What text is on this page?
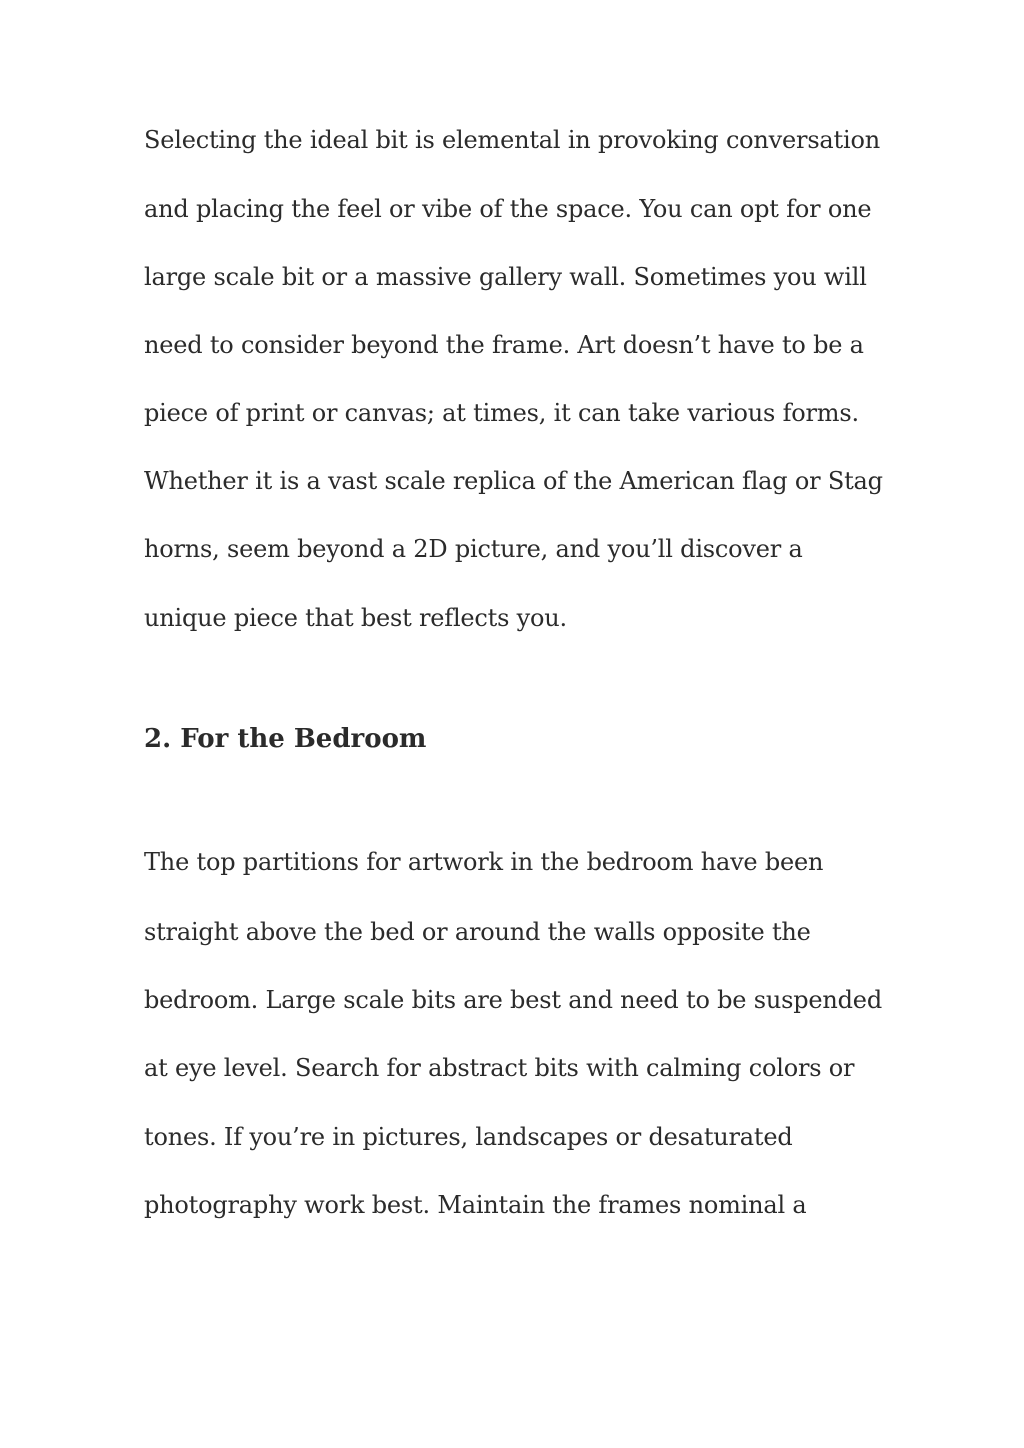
Selecting the ideal bit is elemental in provoking conversation

and placing the feel or vibe of the space. You can opt for one

large scale bit or a massive gallery wall. Sometimes you will

need to consider beyond the frame. Art doesn’t have to be a

piece of print or canvas; at times, it can take various forms.

Whether it is a vast scale replica of the American flag or Stag

horns, seem beyond a 2D picture, and you’ll discover a

unique piece that best reflects you.

2. For the Bedroom

The top partitions for artwork in the bedroom have been

straight above the bed or around the walls opposite the

bedroom. Large scale bits are best and need to be suspended

at eye level. Search for abstract bits with calming colors or

tones. If you’re in pictures, landscapes or desaturated

photography work best. Maintain the frames nominal a
